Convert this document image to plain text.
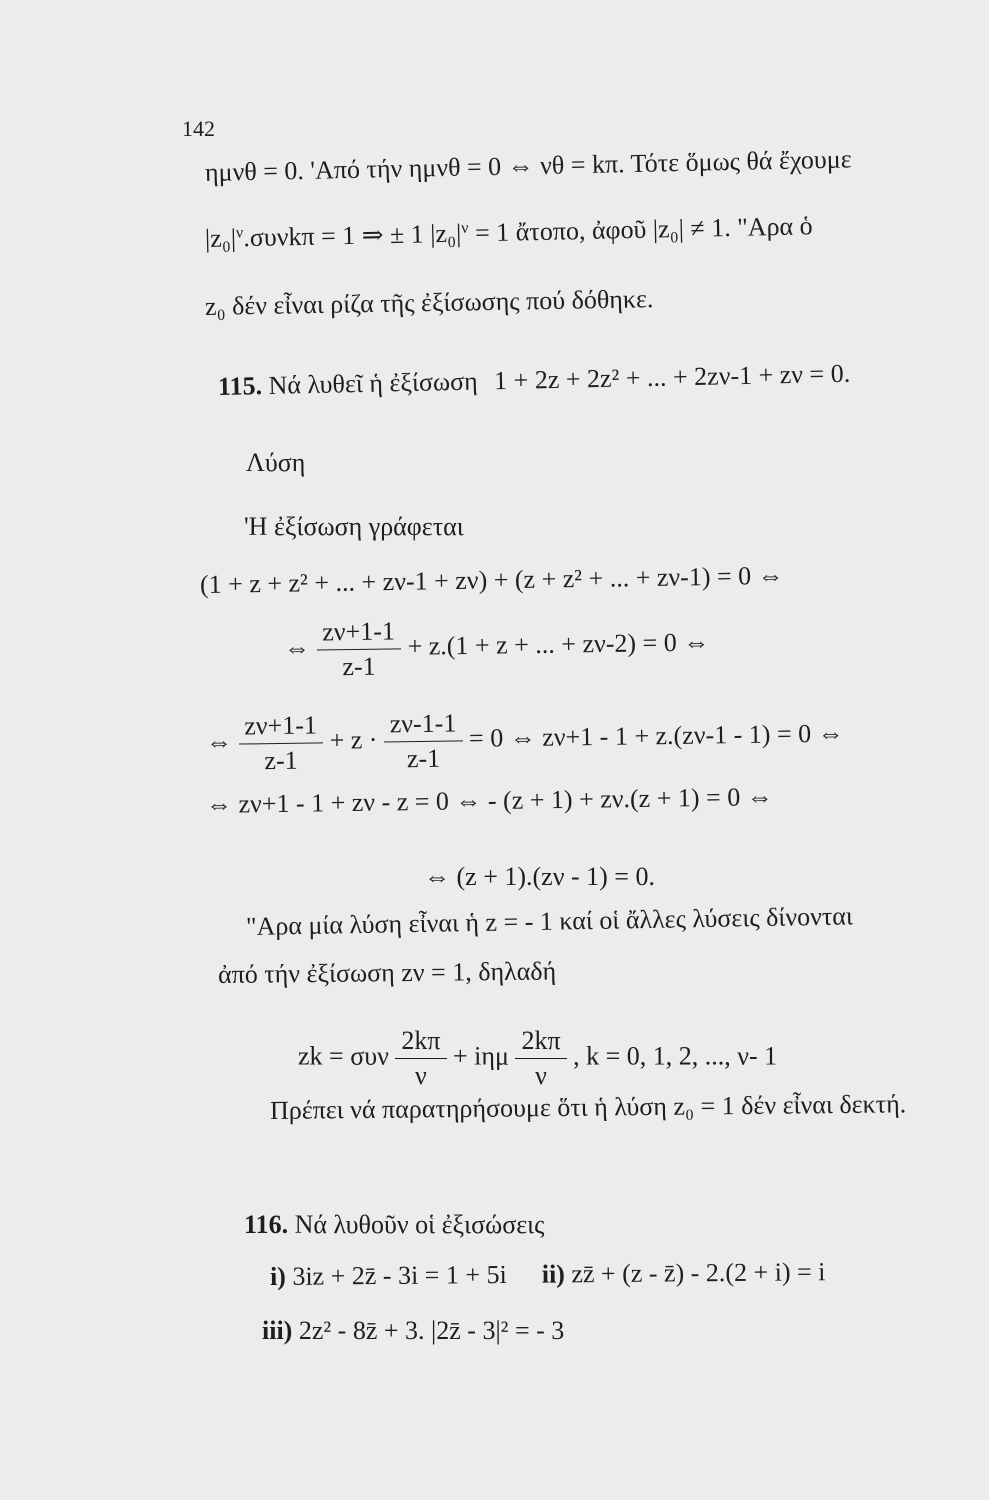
142
ημνθ = 0. 'Από τήν ημνθ = 0 ⇔ νθ = kπ. Τότε ὅμως θά ἔχουμε
$|z_0|^\nu.\sigma\upsilon\nu k\pi = 1$ ⇒ ± 1 $|z_0|^\nu = 1$ ἄτοπο, ἀφοῦ |z₀| ≠ 1. "Αρα ὁ
z₀ δέν εἶναι ρίζα τῆς ἐξίσωσης πού δόθηκε.
115. Νά λυθεῖ ἡ ἐξίσωση 1 + 2z + 2z² + ... + 2zν-1 + zν = 0.
Λύση
'Η ἐξίσωση γράφεται
(1 + z + z² + ... + zν-1 + zν) + (z + z² + ... + zν-1) = 0 ⇔
⇔ $\frac{z\nu+1-1}{z-1} + z.(1 + z$ + ... + zν-2) = 0 ⇔
⇔ $\frac{z\nu+1-1}{z-1} + z \cdot \frac{z\nu-1-1}{z-1} = 0$ ⇔ zν+1 - 1 + z.(zν-1 - 1) = 0 ⇔
⇔ zν+1 - 1 + zν - z = 0 ⇔ - (z + 1) + zν.(z + 1) = 0 ⇔
⇔ (z + 1).(zν - 1) = 0.
"Αρα μία λύση εἶναι ἡ z = - 1 καί οἱ ἄλλες λύσεις δίνονται
ἀπό τήν ἐξίσωση zν = 1, δηλαδή
zk = συν $\frac{2k\pi}{\nu} + i\eta\mu \frac{2k\pi}{\nu}$ , k = 0, 1, 2, ..., ν- 1
Πρέπει νά παρατηρήσουμε ὅτι ἡ λύση z₀ = 1 δέν εἶναι δεκτή.
116. Νά λυθοῦν οἱ ἐξισώσεις
i) 3iz + 2z̄ - 3i = 1 + 5i ii) zz̄ + (z - z̄) - 2.(2 + i) = i
iii) 2z² - 8z̄ + 3. |2z̄ - 3|² = - 3
